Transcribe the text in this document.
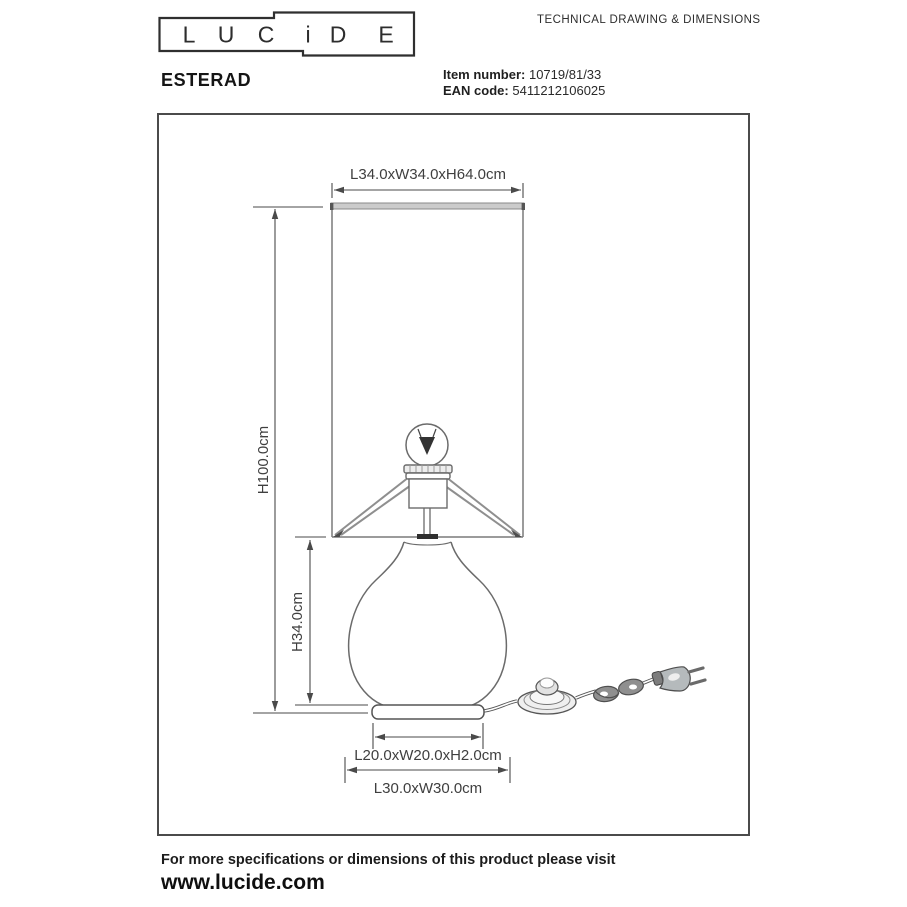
L U C i D E
TECHNICAL DRAWING & DIMENSIONS
ESTERAD	Item number: 10719/81/33
EAN code: 5411212106025
L34.0xW34.0xH64.0cm
H100.0cm
H34.0cm
L20.0xW20.0xH2.0cm
L30.0xW30.0cm
For more specifications or dimensions of this product please visit
www.lucide.com
